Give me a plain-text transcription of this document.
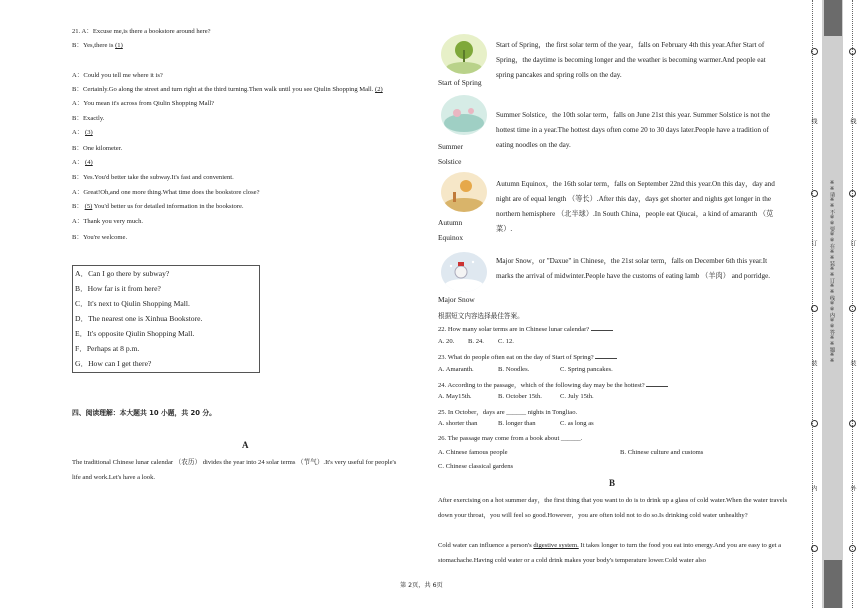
21. A：Excuse me,is there a bookstore around here?
B：Yes,there is (1)
A：Could you tell me where it is?
B：Certainly.Go along the street and turn right at the third turning.Then walk until you see Qiulin Shopping Mall. (2)
A：You mean it's across from Qiulin Shopping Mall?
B：Exactly.
A： (3)
B：One kilometer.
A： (4)
B：Yes.You'd better take the subway.It's fast and convenient.
A：Great!Oh,and one more thing.What time does the bookstore close?
B： (5) You'd better us for detailed information in the bookstore.
A：Thank you very much.
B：You're welcome.
A．Can I go there by subway?
B．How far is it from here?
C．It's next to Qiulin Shopping Mall.
D．The nearest one is Xinhua Bookstore.
E．It's opposite Qiulin Shopping Mall.
F．Perhaps at 8 p.m.
G．How can I get there?
四、阅读理解：本大题共 10 小题，共 20 分。
A
The traditional Chinese lunar calendar （农历） divides the year into 24 solar terms （节气）.It's very useful for people's life and work.Let's have a look.
Start of Spring
Summer Solstice
Autumn Equinox
Major Snow
Start of Spring，the first solar term of the year，falls on February 4th this year.After Start of Spring，the daytime is becoming longer and the weather is becoming warmer.And people eat spring pancakes and spring rolls on the day.
Summer Solstice，the 10th solar term，falls on June 21st this year. Summer Solstice is not the hottest time in a year.The hottest days often come 20 to 30 days later.People have a tradition of eating noodles on the day.
Autumn Equinox，the 16th solar term，falls on September 22nd this year.On this day，day and night are of equal length （等长）.After this day，days get shorter and nights get longer in the northern hemisphere （北半球）.In South China，people eat Qiucai，a kind of amaranth （苋菜）.
Major Snow，or "Daxue" in Chinese，the 21st solar term，falls on December 6th this year.It marks the arrival of midwinter.People have the customs of eating lamb （羊肉） and porridge.
根据短文内容选择最佳答案。
22. How many solar terms are in Chinese lunar calendar?
A. 20. B. 24. C. 12.
23. What do people often eat on the day of Start of Spring?
A. Amaranth.	B. Noodles.	C. Spring pancakes.
24. According to the passage，which of the following day may be the hottest?
A. May15th.	B. October 15th.	C. July 15th.
25. In October，days are ______ nights in Tongliao.
A. shorter than	B. longer than	C. as long as
26. The passage may come from a book about ______.
A. Chinese famous people	B. Chinese culture and customs
C. Chinese classical gardens
B
After exercising on a hot summer day，the first thing that you want to do is to drink up a glass of cold water.When the water travels down your throat，you will feel so good.However，you are often told not to do so.Is drinking cold water unhealthy?
Cold water can influence a person's digestive system. It takes longer to turn the food you eat into energy.And you are easy to get a stomachache.Having cold water or a cold drink makes your body's temperature lower.Cold water also
第 2页，共 6页
※※请※※不※※要※※在※※装※※订※※线※※内※※答※※题※※
内
装
订
线
外
装
订
线
